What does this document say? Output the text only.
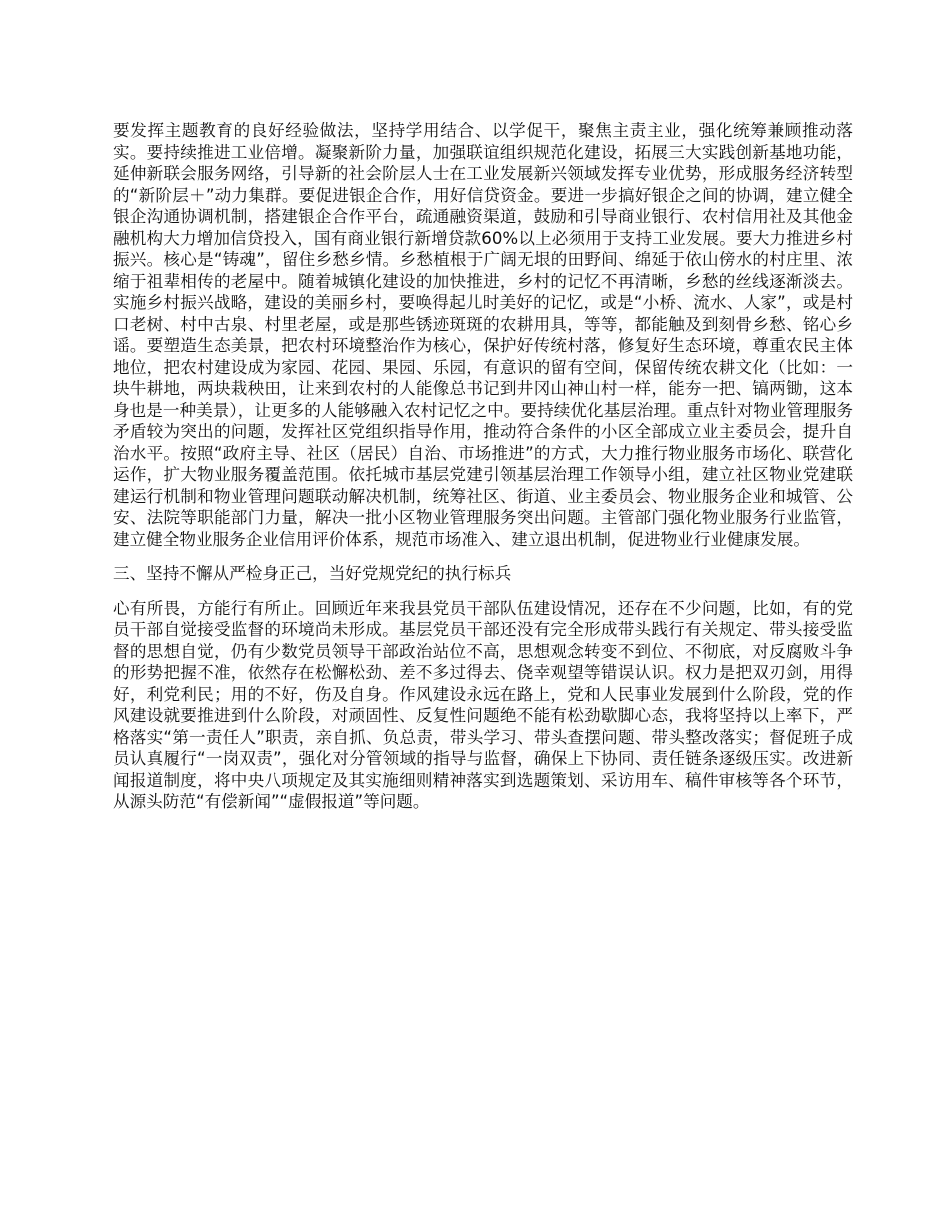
要发挥主题教育的良好经验做法，坚持学用结合、以学促干，聚焦主责主业，强化统筹兼顾推动落实。要持续推进工业倍增。凝聚新阶力量，加强联谊组织规范化建设，拓展三大实践创新基地功能，延伸新联会服务网络，引导新的社会阶层人士在工业发展新兴领域发挥专业优势，形成服务经济转型的“新阶层＋”动力集群。要促进银企合作，用好信贷资金。要进一步搞好银企之间的协调，建立健全银企沟通协调机制，搭建银企合作平台，疏通融资渠道，鼓励和引导商业银行、农村信用社及其他金融机构大力增加信贷投入，国有商业银行新增贷款60%以上必须用于支持工业发展。要大力推进乡村振兴。核心是“铸魂”，留住乡愁乡情。乡愁植根于广阔无垠的田野间、绵延于依山傍水的村庄里、浓缩于祖辈相传的老屋中。随着城镇化建设的加快推进，乡村的记忆不再清晰，乡愁的丝线逐渐淡去。实施乡村振兴战略，建设的美丽乡村，要唤得起儿时美好的记忆，或是“小桥、流水、人家”，或是村口老树、村中古泉、村里老屋，或是那些锈迹斑斑的农耕用具，等等，都能触及到刻骨乡愁、铭心乡谣。要塑造生态美景，把农村环境整治作为核心，保护好传统村落，修复好生态环境，尊重农民主体地位，把农村建设成为家园、花园、果园、乐园，有意识的留有空间，保留传统农耕文化（比如：一块牛耕地，两块栽秧田，让来到农村的人能像总书记到井冈山神山村一样，能夯一把、镐两锄，这本身也是一种美景），让更多的人能够融入农村记忆之中。要持续优化基层治理。重点针对物业管理服务矛盾较为突出的问题，发挥社区党组织指导作用，推动符合条件的小区全部成立业主委员会，提升自治水平。按照“政府主导、社区（居民）自治、市场推进”的方式，大力推行物业服务市场化、联营化运作，扩大物业服务覆盖范围。依托城市基层党建引领基层治理工作领导小组，建立社区物业党建联建运行机制和物业管理问题联动解决机制，统筹社区、街道、业主委员会、物业服务企业和城管、公安、法院等职能部门力量，解决一批小区物业管理服务突出问题。主管部门强化物业服务行业监管，建立健全物业服务企业信用评价体系，规范市场准入、建立退出机制，促进物业行业健康发展。

三、坚持不懈从严检身正己，当好党规党纪的执行标兵

心有所畏，方能行有所止。回顾近年来我县党员干部队伍建设情况，还存在不少问题，比如，有的党员干部自觉接受监督的环境尚未形成。基层党员干部还没有完全形成带头践行有关规定、带头接受监督的思想自觉，仍有少数党员领导干部政治站位不高，思想观念转变不到位、不彻底，对反腐败斗争的形势把握不准，依然存在松懈松劲、差不多过得去、侥幸观望等错误认识。权力是把双刃剑，用得好，利党利民；用的不好，伤及自身。作风建设永远在路上，党和人民事业发展到什么阶段，党的作风建设就要推进到什么阶段，对顽固性、反复性问题绝不能有松劲歇脚心态，我将坚持以上率下，严格落实“第一责任人”职责，亲自抓、负总责，带头学习、带头查摆问题、带头整改落实；督促班子成员认真履行“一岗双责”，强化对分管领域的指导与监督，确保上下协同、责任链条逐级压实。改进新闻报道制度，将中央八项规定及其实施细则精神落实到选题策划、采访用车、稿件审核等各个环节，从源头防范“有偿新闻”“虚假报道”等问题。
